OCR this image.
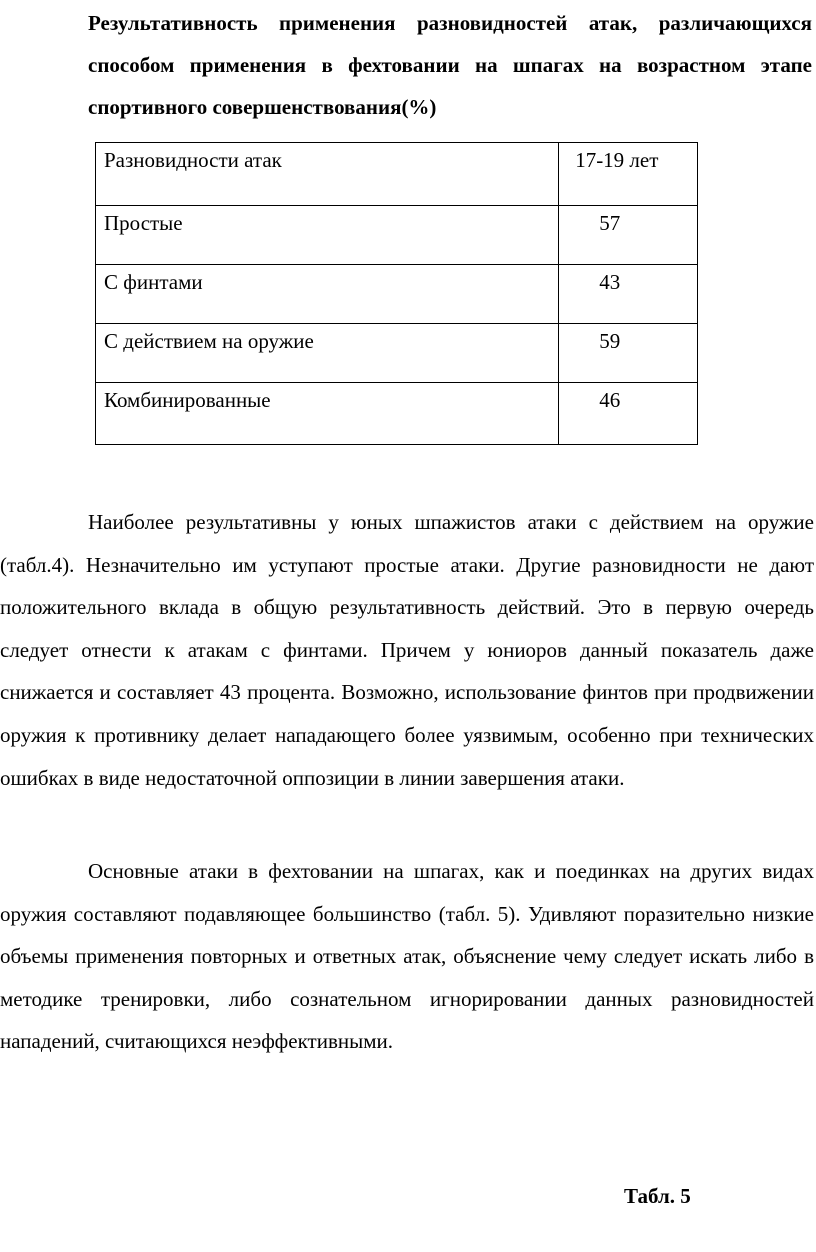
Результативность применения разновидностей атак, различающихся способом применения в фехтовании на шпагах на возрастном этапе спортивного совершенствования(%)
Разновидности атак	17-19 лет
Простые	57
С финтами	43
С действием на оружие	59
Комбинированные	46

Наиболее результативны у юных шпажистов атаки с действием на оружие (табл.4). Незначительно им уступают простые атаки. Другие разновидности не дают положительного вклада в общую результативность действий. Это в первую очередь следует отнести к атакам с финтами. Причем у юниоров данный показатель даже снижается и составляет 43 процента. Возможно, использование финтов при продвижении оружия к противнику делает нападающего более уязвимым, особенно при технических ошибках в виде недостаточной оппозиции в линии завершения атаки.

Основные атаки в фехтовании на шпагах, как и поединках на других видах оружия составляют подавляющее большинство (табл. 5). Удивляют поразительно низкие объемы применения повторных и ответных атак, объяснение чему следует искать либо в методике тренировки, либо сознательном игнорировании данных разновидностей нападений, считающихся неэффективными.

Табл. 5
